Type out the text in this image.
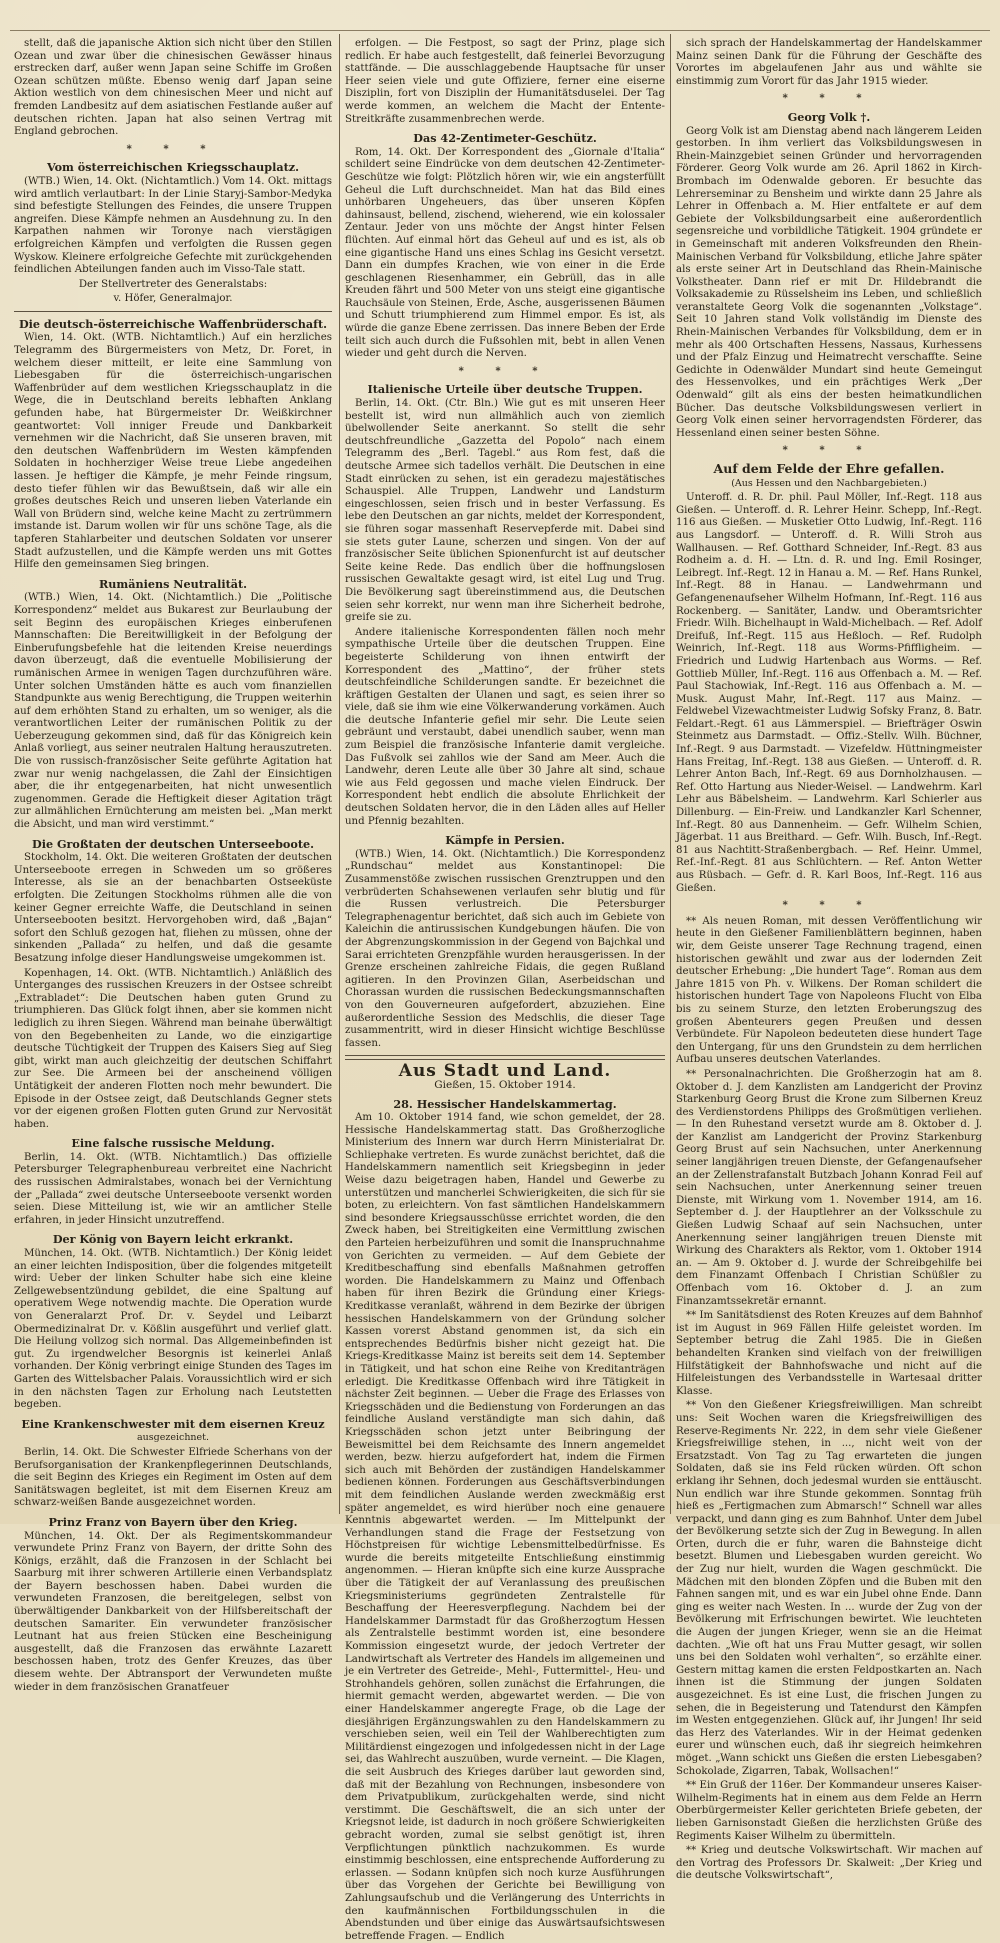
stellt, daß die japanische Aktion sich nicht über den Stillen Ozean und zwar über die chinesischen Gewässer hinaus erstrecken darf, außer wenn Japan seine Schiffe im Großen Ozean schützen müßte. Ebenso wenig darf Japan seine Aktion westlich von dem chinesischen Meer und nicht auf fremden Landbesitz auf dem asiatischen Festlande außer auf deutschen richten. Japan hat also seinen Vertrag mit England gebrochen.

* * *
Vom österreichischen Kriegsschauplatz.

(WTB.) Wien, 14. Okt. (Nichtamtlich.) Vom 14. Okt. mittags wird amtlich verlautbart: In der Linie Staryj-Sambor-Medyka sind befestigte Stellungen des Feindes, die unsere Truppen angreifen. Diese Kämpfe nehmen an Ausdehnung zu. In den Karpathen nahmen wir Toronye nach vierstägigen erfolgreichen Kämpfen und verfolgten die Russen gegen Wyskow. Kleinere erfolgreiche Gefechte mit zurückgehenden feindlichen Abteilungen fanden auch im Visso-Tale statt.

Der Stellvertreter des Generalstabs:
v. Höfer, Generalmajor.
Die deutsch-österreichische Waffenbrüderschaft.

Wien, 14. Okt. (WTB. Nichtamtlich.) Auf ein herzliches Telegramm des Bürgermeisters von Metz, Dr. Foret, in welchem dieser mitteilt, er leite eine Sammlung von Liebesgaben für die österreichisch-ungarischen Waffenbrüder auf dem westlichen Kriegsschauplatz in die Wege, die in Deutschland bereits lebhaften Anklang gefunden habe, hat Bürgermeister Dr. Weißkirchner geantwortet: Voll inniger Freude und Dankbarkeit vernehmen wir die Nachricht, daß Sie unseren braven, mit den deutschen Waffenbrüdern im Westen kämpfenden Soldaten in hochherziger Weise treue Liebe angedeihen lassen. Je heftiger die Kämpfe, je mehr Feinde ringsum, desto tiefer fühlen wir das Bewußtsein, daß wir alle ein großes deutsches Reich und unseren lieben Vaterlande ein Wall von Brüdern sind, welche keine Macht zu zertrümmern imstande ist. Darum wollen wir für uns schöne Tage, als die tapferen Stahlarbeiter und deutschen Soldaten vor unserer Stadt aufzustellen, und die Kämpfe werden uns mit Gottes Hilfe den gemeinsamen Sieg bringen.

Rumäniens Neutralität.

(WTB.) Wien, 14. Okt. (Nichtamtlich.) Die „Politische Korrespondenz“ meldet aus Bukarest zur Beurlaubung der seit Beginn des europäischen Krieges einberufenen Mannschaften: Die Bereitwilligkeit in der Befolgung der Einberufungsbefehle hat die leitenden Kreise neuerdings davon überzeugt, daß die eventuelle Mobilisierung der rumänischen Armee in wenigen Tagen durchzuführen wäre. Unter solchen Umständen hätte es auch vom finanziellen Standpunkte aus wenig Berechtigung, die Truppen weiterhin auf dem erhöhten Stand zu erhalten, um so weniger, als die verantwortlichen Leiter der rumänischen Politik zu der Ueberzeugung gekommen sind, daß für das Königreich kein Anlaß vorliegt, aus seiner neutralen Haltung herauszutreten. Die von russisch-französischer Seite geführte Agitation hat zwar nur wenig nachgelassen, die Zahl der Einsichtigen aber, die ihr entgegenarbeiten, hat nicht unwesentlich zugenommen. Gerade die Heftigkeit dieser Agitation trägt zur allmählichen Ernüchterung am meisten bei. „Man merkt die Absicht, und man wird verstimmt.“

Die Großtaten der deutschen Unterseeboote.

Stockholm, 14. Okt. Die weiteren Großtaten der deutschen Unterseeboote erregen in Schweden um so größeres Interesse, als sie an der benachbarten Ostseeküste erfolgten. Die Zeitungen Stockholms rühmen alle die von keiner Gegner erreichte Waffe, die Deutschland in seinen Unterseebooten besitzt. Hervorgehoben wird, daß „Bajan“ sofort den Schluß gezogen hat, fliehen zu müssen, ohne der sinkenden „Pallada“ zu helfen, und daß die gesamte Besatzung infolge dieser Handlungsweise umgekommen ist.

Kopenhagen, 14. Okt. (WTB. Nichtamtlich.) Anläßlich des Unterganges des russischen Kreuzers in der Ostsee schreibt „Extrabladet“: Die Deutschen haben guten Grund zu triumphieren. Das Glück folgt ihnen, aber sie kommen nicht lediglich zu ihren Siegen. Während man beinahe überwältigt von den Begebenheiten zu Lande, wo die einzigartige deutsche Tüchtigkeit der Truppen des Kaisers Sieg auf Sieg gibt, wirkt man auch gleichzeitig der deutschen Schiffahrt zur See. Die Armeen bei der anscheinend völligen Untätigkeit der anderen Flotten noch mehr bewundert. Die Episode in der Ostsee zeigt, daß Deutschlands Gegner stets vor der eigenen großen Flotten guten Grund zur Nervosität haben.

Eine falsche russische Meldung.

Berlin, 14. Okt. (WTB. Nichtamtlich.) Das offizielle Petersburger Telegraphenbureau verbreitet eine Nachricht des russischen Admiralstabes, wonach bei der Vernichtung der „Pallada“ zwei deutsche Unterseeboote versenkt worden seien. Diese Mitteilung ist, wie wir an amtlicher Stelle erfahren, in jeder Hinsicht unzutreffend.

Der König von Bayern leicht erkrankt.

München, 14. Okt. (WTB. Nichtamtlich.) Der König leidet an einer leichten Indisposition, über die folgendes mitgeteilt wird: Ueber der linken Schulter habe sich eine kleine Zellgewebsentzündung gebildet, die eine Spaltung auf operativem Wege notwendig machte. Die Operation wurde von Generalarzt Prof. Dr. v. Seydel und Leibarzt Obermedizinalrat Dr. v. Kößlin ausgeführt und verlief glatt. Die Heilung vollzog sich normal. Das Allgemeinbefinden ist gut. Zu irgendwelcher Besorgnis ist keinerlei Anlaß vorhanden. Der König verbringt einige Stunden des Tages im Garten des Wittelsbacher Palais. Voraussichtlich wird er sich in den nächsten Tagen zur Erholung nach Leutstetten begeben.

Eine Krankenschwester mit dem eisernen Kreuz
ausgezeichnet.

Berlin, 14. Okt. Die Schwester Elfriede Scherhans von der Berufsorganisation der Krankenpflegerinnen Deutschlands, die seit Beginn des Krieges ein Regiment im Osten auf dem Sanitätswagen begleitet, ist mit dem Eisernen Kreuz am schwarz-weißen Bande ausgezeichnet worden.

Prinz Franz von Bayern über den Krieg.

München, 14. Okt. Der als Regimentskommandeur verwundete Prinz Franz von Bayern, der dritte Sohn des Königs, erzählt, daß die Franzosen in der Schlacht bei Saarburg mit ihrer schweren Artillerie einen Verbandsplatz der Bayern beschossen haben. Dabei wurden die verwundeten Franzosen, die bereitgelegen, selbst von überwältigender Dankbarkeit von der Hilfsbereitschaft der deutschen Samariter. Ein verwundeter französischer Leutnant hat aus freien Stücken eine Bescheinigung ausgestellt, daß die Franzosen das erwähnte Lazarett beschossen haben, trotz des Genfer Kreuzes, das über diesem wehte. Der Abtransport der Verwundeten mußte wieder in dem französischen Granatfeuer

erfolgen. — Die Festpost, so sagt der Prinz, plage sich redlich. Er habe auch festgestellt, daß feinerlei Bevorzugung stattfände. — Die ausschlaggebende Hauptsache für unser Heer seien viele und gute Offiziere, ferner eine eiserne Disziplin, fort von Disziplin der Humanitätsduselei. Der Tag werde kommen, an welchem die Macht der Entente-Streitkräfte zusammenbrechen werde.

Das 42-Zentimeter-Geschütz.

Rom, 14. Okt. Der Korrespondent des „Giornale d'Italia“ schildert seine Eindrücke von dem deutschen 42-Zentimeter-Geschütze wie folgt: Plötzlich hören wir, wie ein angsterfüllt Geheul die Luft durchschneidet. Man hat das Bild eines unhörbaren Ungeheuers, das über unseren Köpfen dahinsaust, bellend, zischend, wieherend, wie ein kolossaler Zentaur. Jeder von uns möchte der Angst hinter Felsen flüchten. Auf einmal hört das Geheul auf und es ist, als ob eine gigantische Hand uns eines Schlag ins Gesicht versetzt. Dann ein dumpfes Krachen, wie von einer in die Erde geschlagenen Riesenhammer, ein Gebrüll, das in alle Kreuden fährt und 500 Meter von uns steigt eine gigantische Rauchsäule von Steinen, Erde, Asche, ausgerissenen Bäumen und Schutt triumphierend zum Himmel empor. Es ist, als würde die ganze Ebene zerrissen. Das innere Beben der Erde teilt sich auch durch die Fußsohlen mit, bebt in allen Venen wieder und geht durch die Nerven.

* * *
Italienische Urteile über deutsche Truppen.

Berlin, 14. Okt. (Ctr. Bln.) Wie gut es mit unseren Heer bestellt ist, wird nun allmählich auch von ziemlich übelwollender Seite anerkannt. So stellt die sehr deutschfreundliche „Gazzetta del Popolo“ nach einem Telegramm des „Berl. Tagebl.“ aus Rom fest, daß die deutsche Armee sich tadellos verhält. Die Deutschen in eine Stadt einrücken zu sehen, ist ein geradezu majestätisches Schauspiel. Alle Truppen, Landwehr und Landsturm eingeschlossen, seien frisch und in bester Verfassung. Es lebe den Deutschen an gar nichts, meldet der Korrespondent, sie führen sogar massenhaft Reservepferde mit. Dabei sind sie stets guter Laune, scherzen und singen. Von der auf französischer Seite üblichen Spionenfurcht ist auf deutscher Seite keine Rede. Das endlich über die hoffnungslosen russischen Gewaltakte gesagt wird, ist eitel Lug und Trug. Die Bevölkerung sagt übereinstimmend aus, die Deutschen seien sehr korrekt, nur wenn man ihre Sicherheit bedrohe, greife sie zu.

Andere italienische Korrespondenten fällen noch mehr sympathische Urteile über die deutschen Truppen. Eine begeisterte Schilderung von ihnen entwirft der Korrespondent des „Mattino“, der früher stets deutschfeindliche Schilderungen sandte. Er bezeichnet die kräftigen Gestalten der Ulanen und sagt, es seien ihrer so viele, daß sie ihm wie eine Völkerwanderung vorkämen. Auch die deutsche Infanterie gefiel mir sehr. Die Leute seien gebräunt und verstaubt, dabei unendlich sauber, wenn man zum Beispiel die französische Infanterie damit vergleiche. Das Fußvolk sei zahllos wie der Sand am Meer. Auch die Landwehr, deren Leute alle über 30 Jahre alt sind, schaue wie aus Feld gegossen und mache vielen Eindruck. Der Korrespondent hebt endlich die absolute Ehrlichkeit der deutschen Soldaten hervor, die in den Läden alles auf Heller und Pfennig bezahlten.

Kämpfe in Persien.

(WTB.) Wien, 14. Okt. (Nichtamtlich.) Die Korrespondenz „Rundschau“ meldet aus Konstantinopel: Die Zusammenstöße zwischen russischen Grenztruppen und den verbrüderten Schahsewenen verlaufen sehr blutig und für die Russen verlustreich. Die Petersburger Telegraphenagentur berichtet, daß sich auch im Gebiete von Kaleichin die antirussischen Kundgebungen häufen. Die von der Abgrenzungskommission in der Gegend von Bajchkal und Sarai errichteten Grenzpfähle wurden herausgerissen. In der Grenze erscheinen zahlreiche Fidais, die gegen Rußland agitieren. In den Provinzen Gilan, Aserbeidschan und Chorassan wurden die russischen Bedeckungsmannschaften von den Gouverneuren aufgefordert, abzuziehen. Eine außerordentliche Session des Medschlis, die dieser Tage zusammentritt, wird in dieser Hinsicht wichtige Beschlüsse fassen.

Aus Stadt und Land.
Gießen, 15. Oktober 1914.
28. Hessischer Handelskammertag.

Am 10. Oktober 1914 fand, wie schon gemeldet, der 28. Hessische Handelskammertag statt. Das Großherzogliche Ministerium des Innern war durch Herrn Ministerialrat Dr. Schliephake vertreten. Es wurde zunächst berichtet, daß die Handelskammern namentlich seit Kriegsbeginn in jeder Weise dazu beigetragen haben, Handel und Gewerbe zu unterstützen und mancherlei Schwierigkeiten, die sich für sie boten, zu erleichtern. Von fast sämtlichen Handelskammern sind besondere Kriegsausschüsse errichtet worden, die den Zweck haben, bei Streitigkeiten eine Vermittlung zwischen den Parteien herbeizuführen und somit die Inanspruchnahme von Gerichten zu vermeiden. — Auf dem Gebiete der Kreditbeschaffung sind ebenfalls Maßnahmen getroffen worden. Die Handelskammern zu Mainz und Offenbach haben für ihren Bezirk die Gründung einer Kriegs-Kreditkasse veranlaßt, während in dem Bezirke der übrigen hessischen Handelskammern von der Gründung solcher Kassen vorerst Abstand genommen ist, da sich ein entsprechendes Bedürfnis bisher nicht gezeigt hat. Die Kriegs-Kreditkasse Mainz ist bereits seit dem 14. September in Tätigkeit, und hat schon eine Reihe von Kreditanträgen erledigt. Die Kreditkasse Offenbach wird ihre Tätigkeit in nächster Zeit beginnen. — Ueber die Frage des Erlasses von Kriegsschäden und die Bedienstung von Forderungen an das feindliche Ausland verständigte man sich dahin, daß Kriegsschäden schon jetzt unter Beibringung der Beweismittel bei dem Reichsamte des Innern angemeldet werden, bezw. hierzu aufgefordert hat, indem die Firmen sich auch mit Behörden der zuständigen Handelskammer bedienen können. Forderungen aus Geschäftsverbindungen mit dem feindlichen Auslande werden zweckmäßig erst später angemeldet, es wird hierüber noch eine genauere Kenntnis abgewartet werden. — Im Mittelpunkt der Verhandlungen stand die Frage der Festsetzung von Höchstpreisen für wichtige Lebensmittelbedürfnisse. Es wurde die bereits mitgeteilte Entschließung einstimmig angenommen. — Hieran knüpfte sich eine kurze Aussprache über die Tätigkeit der auf Veranlassung des preußischen Kriegsministeriums gegründeten Zentralstelle für Beschaffung der Heeresverpflegung. Nachdem bei der Handelskammer Darmstadt für das Großherzogtum Hessen als Zentralstelle bestimmt worden ist, eine besondere Kommission eingesetzt wurde, der jedoch Vertreter der Landwirtschaft als Vertreter des Handels im allgemeinen und je ein Vertreter des Getreide-, Mehl-, Futtermittel-, Heu- und Strohhandels gehören, sollen zunächst die Erfahrungen, die hiermit gemacht werden, abgewartet werden. — Die von einer Handelskammer angeregte Frage, ob die Lage der diesjährigen Ergänzungswahlen zu den Handelskammern zu verschieben seien, weil ein Teil der Wahlberechtigten zum Militärdienst eingezogen und infolgedessen nicht in der Lage sei, das Wahlrecht auszuüben, wurde verneint. — Die Klagen, die seit Ausbruch des Krieges darüber laut geworden sind, daß mit der Bezahlung von Rechnungen, insbesondere von dem Privatpublikum, zurückgehalten werde, sind nicht verstimmt. Die Geschäftswelt, die an sich unter der Kriegsnot leide, ist dadurch in noch größere Schwierigkeiten gebracht worden, zumal sie selbst genötigt ist, ihren Verpflichtungen pünktlich nachzukommen. Es wurde einstimmig beschlossen, eine entsprechende Aufforderung zu erlassen. — Sodann knüpfen sich noch kurze Ausführungen über das Vorgehen der Gerichte bei Bewilligung von Zahlungsaufschub und die Verlängerung des Unterrichts in den kaufmännischen Fortbildungsschulen in die Abendstunden und über einige das Auswärtsaufsichtswesen betreffende Fragen. — Endlich

sich sprach der Handelskammertag der Handelskammer Mainz seinen Dank für die Führung der Geschäfte des Vorortes im abgelaufenen Jahr aus und wählte sie einstimmig zum Vorort für das Jahr 1915 wieder.

* * *
Georg Volk †.

Georg Volk ist am Dienstag abend nach längerem Leiden gestorben. In ihm verliert das Volksbildungswesen in Rhein-Mainzgebiet seinen Gründer und hervorragenden Förderer. Georg Volk wurde am 26. April 1862 in Kirch-Brombach im Odenwalde geboren. Er besuchte das Lehrerseminar zu Bensheim und wirkte dann 25 Jahre als Lehrer in Offenbach a. M. Hier entfaltete er auf dem Gebiete der Volksbildungsarbeit eine außerordentlich segensreiche und vorbildliche Tätigkeit. 1904 gründete er in Gemeinschaft mit anderen Volksfreunden den Rhein-Mainischen Verband für Volksbildung, etliche Jahre später als erste seiner Art in Deutschland das Rhein-Mainische Volkstheater. Dann rief er mit Dr. Hildebrandt die Volksakademie zu Rüsselsheim ins Leben, und schließlich veranstaltete Georg Volk die sogenannten „Volkstage“. Seit 10 Jahren stand Volk vollständig im Dienste des Rhein-Mainischen Verbandes für Volksbildung, dem er in mehr als 400 Ortschaften Hessens, Nassaus, Kurhessens und der Pfalz Einzug und Heimatrecht verschaffte. Seine Gedichte in Odenwälder Mundart sind heute Gemeingut des Hessenvolkes, und ein prächtiges Werk „Der Odenwald“ gilt als eins der besten heimatkundlichen Bücher. Das deutsche Volksbildungswesen verliert in Georg Volk einen seiner hervorragendsten Förderer, das Hessenland einen seiner besten Söhne.

* * *
Auf dem Felde der Ehre gefallen.
(Aus Hessen und den Nachbargebieten.)

Unteroff. d. R. Dr. phil. Paul Möller, Inf.-Regt. 118 aus Gießen. — Unteroff. d. R. Lehrer Heinr. Schepp, Inf.-Regt. 116 aus Gießen. — Musketier Otto Ludwig, Inf.-Regt. 116 aus Langsdorf. — Unteroff. d. R. Willi Stroh aus Wallhausen. — Ref. Gotthard Schneider, Inf.-Regt. 83 aus Rodheim a. d. H. — Ltn. d. R. und Ing. Emil Rosinger, Leibregt. Inf.-Regt. 12 in Hanau a. M. — Ref. Hans Runkel, Inf.-Regt. 88 in Hanau. — Landwehrmann und Gefangenenaufseher Wilhelm Hofmann, Inf.-Regt. 116 aus Rockenberg. — Sanitäter, Landw. und Oberamtsrichter Friedr. Wilh. Bichelhaupt in Wald-Michelbach. — Ref. Adolf Dreifuß, Inf.-Regt. 115 aus Heßloch. — Ref. Rudolph Weinrich, Inf.-Regt. 118 aus Worms-Pfiffligheim. — Friedrich und Ludwig Hartenbach aus Worms. — Ref. Gottlieb Müller, Inf.-Regt. 116 aus Offenbach a. M. — Ref. Paul Stachowiak, Inf.-Regt. 116 aus Offenbach a. M. — Musk. August Mahr, Inf.-Regt. 117 aus Mainz. — Feldwebel Vizewachtmeister Ludwig Sofsky Franz, 8. Batr. Feldart.-Regt. 61 aus Lämmerspiel. — Briefträger Oswin Steinmetz aus Darmstadt. — Offiz.-Stellv. Wilh. Büchner, Inf.-Regt. 9 aus Darmstadt. — Vizefeldw. Hüttningmeister Hans Freitag, Inf.-Regt. 138 aus Gießen. — Unteroff. d. R. Lehrer Anton Bach, Inf.-Regt. 69 aus Dornholzhausen. — Ref. Otto Hartung aus Nieder-Weisel. — Landwehrm. Karl Lehr aus Bäbelsheim. — Landwehrm. Karl Schierler aus Dillenburg. — Ein-Freiw. und Landkanzler Karl Schenner, Inf.-Regt. 80 aus Dannenheim. — Gefr. Wilhelm Schien, Jägerbat. 11 aus Breithard. — Gefr. Wilh. Busch, Inf.-Regt. 81 aus Nachtitt-Straßenbergbach. — Ref. Heinr. Ummel, Ref.-Inf.-Regt. 81 aus Schlüchtern. — Ref. Anton Wetter aus Rüsbach. — Gefr. d. R. Karl Boos, Inf.-Regt. 116 aus Gießen.

* * *

** Als neuen Roman, mit dessen Veröffentlichung wir heute in den Gießener Familienblättern beginnen, haben wir, dem Geiste unserer Tage Rechnung tragend, einen historischen gewählt und zwar aus der lodernden Zeit deutscher Erhebung: „Die hundert Tage“. Roman aus dem Jahre 1815 von Ph. v. Wilkens. Der Roman schildert die historischen hundert Tage von Napoleons Flucht von Elba bis zu seinem Sturze, den letzten Eroberungszug des großen Abenteurers gegen Preußen und dessen Verbündete. Für Napoleon bedeuteten diese hundert Tage den Untergang, für uns den Grundstein zu dem herrlichen Aufbau unseres deutschen Vaterlandes.

** Personalnachrichten. Die Großherzogin hat am 8. Oktober d. J. dem Kanzlisten am Landgericht der Provinz Starkenburg Georg Brust die Krone zum Silbernen Kreuz des Verdienstordens Philipps des Großmütigen verliehen. — In den Ruhestand versetzt wurde am 8. Oktober d. J. der Kanzlist am Landgericht der Provinz Starkenburg Georg Brust auf sein Nachsuchen, unter Anerkennung seiner langjährigen treuen Dienste, der Gefangenaufseher an der Zellenstrafanstalt Butzbach Johann Konrad Feil auf sein Nachsuchen, unter Anerkennung seiner treuen Dienste, mit Wirkung vom 1. November 1914, am 16. September d. J. der Hauptlehrer an der Volksschule zu Gießen Ludwig Schaaf auf sein Nachsuchen, unter Anerkennung seiner langjährigen treuen Dienste mit Wirkung des Charakters als Rektor, vom 1. Oktober 1914 an. — Am 9. Oktober d. J. wurde der Schreibgehilfe bei dem Finanzamt Offenbach I Christian Schüßler zu Offenbach vom 16. Oktober d. J. an zum Finanzamtssekretär ernannt.

** Im Sanitätsdienst des Roten Kreuzes auf dem Bahnhof ist im August in 969 Fällen Hilfe geleistet worden. Im September betrug die Zahl 1985. Die in Gießen behandelten Kranken sind vielfach von der freiwilligen Hilfstätigkeit der Bahnhofswache und nicht auf die Hilfeleistungen des Verbandsstelle in Wartesaal dritter Klasse.

** Von den Gießener Kriegsfreiwilligen. Man schreibt uns: Seit Wochen waren die Kriegsfreiwilligen des Reserve-Regiments Nr. 222, in dem sehr viele Gießener Kriegsfreiwillige stehen, in ..., nicht weit von der Ersatzstadt. Von Tag zu Tag erwarteten die jungen Soldaten, daß sie ins Feld rücken würden. Oft schon erklang ihr Sehnen, doch jedesmal wurden sie enttäuscht. Nun endlich war ihre Stunde gekommen. Sonntag früh hieß es „Fertigmachen zum Abmarsch!“ Schnell war alles verpackt, und dann ging es zum Bahnhof. Unter dem Jubel der Bevölkerung setzte sich der Zug in Bewegung. In allen Orten, durch die er fuhr, waren die Bahnsteige dicht besetzt. Blumen und Liebesgaben wurden gereicht. Wo der Zug nur hielt, wurden die Wagen geschmückt. Die Mädchen mit den blonden Zöpfen und die Buben mit den Fahnen sangen mit, und es war ein Jubel ohne Ende. Dann ging es weiter nach Westen. In ... wurde der Zug von der Bevölkerung mit Erfrischungen bewirtet. Wie leuchteten die Augen der jungen Krieger, wenn sie an die Heimat dachten. „Wie oft hat uns Frau Mutter gesagt, wir sollen uns bei den Soldaten wohl verhalten“, so erzählte einer. Gestern mittag kamen die ersten Feldpostkarten an. Nach ihnen ist die Stimmung der jungen Soldaten ausgezeichnet. Es ist eine Lust, die frischen Jungen zu sehen, die in Begeisterung und Tatendurst den Kämpfen im Westen entgegenziehen. Glück auf, ihr Jungen! Ihr seid das Herz des Vaterlandes. Wir in der Heimat gedenken eurer und wünschen euch, daß ihr siegreich heimkehren möget. „Wann schickt uns Gießen die ersten Liebesgaben? Schokolade, Zigarren, Tabak, Wollsachen!“

** Ein Gruß der 116er. Der Kommandeur unseres Kaiser-Wilhelm-Regiments hat in einem aus dem Felde an Herrn Oberbürgermeister Keller gerichteten Briefe gebeten, der lieben Garnisonstadt Gießen die herzlichsten Grüße des Regiments Kaiser Wilhelm zu übermitteln.

** Krieg und deutsche Volkswirtschaft. Wir machen auf den Vortrag des Professors Dr. Skalweit: „Der Krieg und die deutsche Volkswirtschaft“,
